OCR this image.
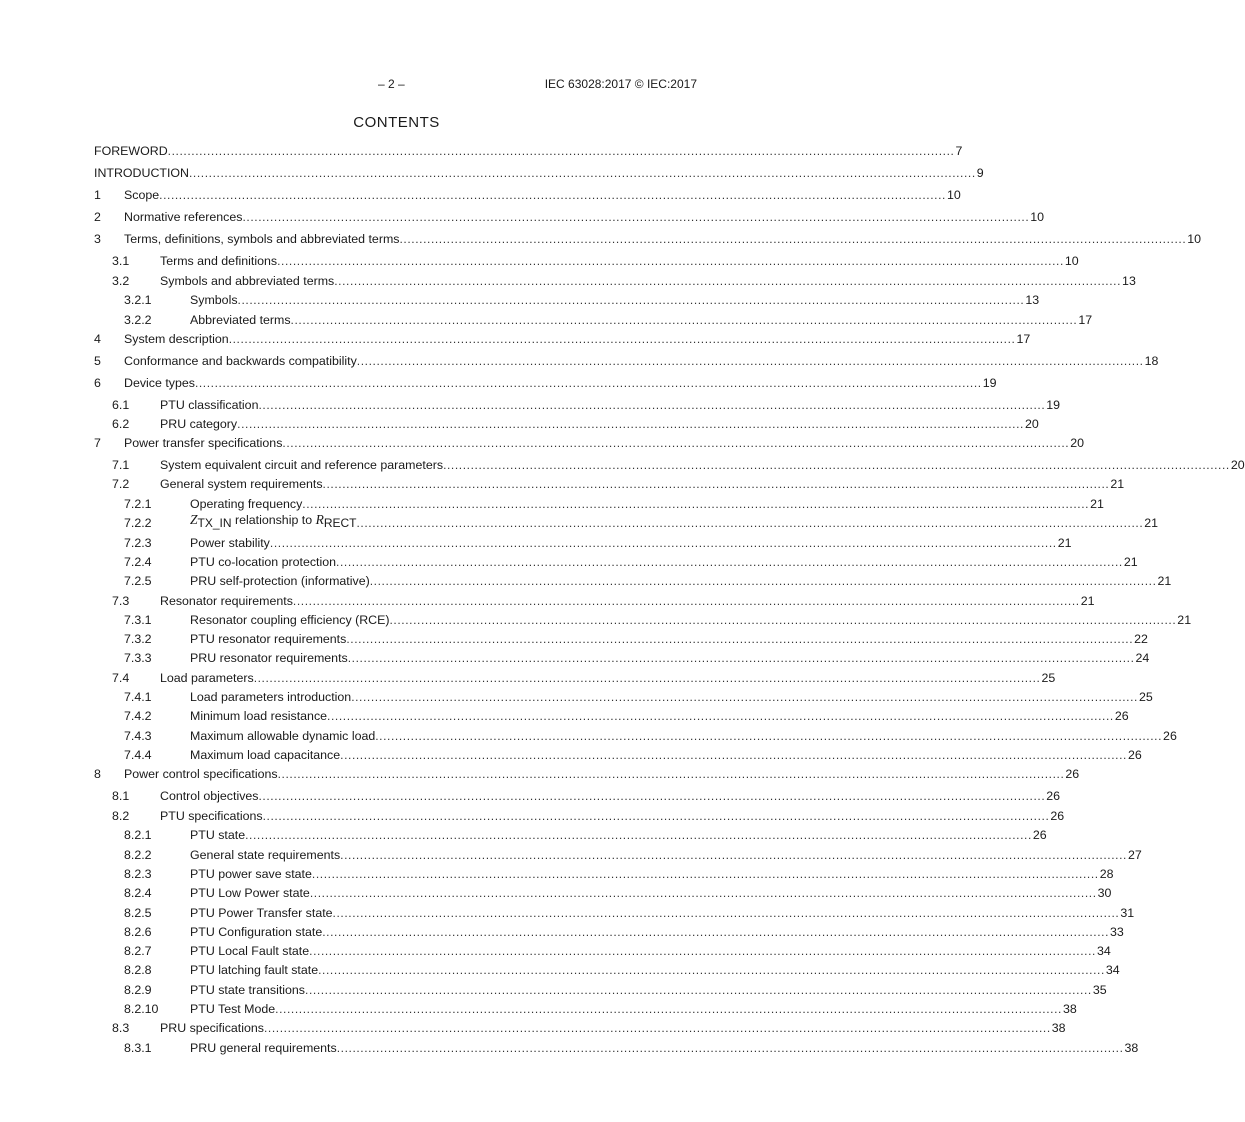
– 2 –	IEC 63028:2017 © IEC:2017
CONTENTS
FOREWORD ........................................................................................................................................................................................................ 7
INTRODUCTION ........................................................................................................................................................................................................ 9
1	Scope ........................................................................................................................................................................................................ 10
2	Normative references ........................................................................................................................................................................................................ 10
3	Terms, definitions, symbols and abbreviated terms ........................................................................................................................................................................................................ 10
3.1	Terms and definitions ........................................................................................................................................................................................................ 10
3.2	Symbols and abbreviated terms ........................................................................................................................................................................................................ 13
3.2.1	Symbols ........................................................................................................................................................................................................ 13
3.2.2	Abbreviated terms ........................................................................................................................................................................................................ 17
4	System description ........................................................................................................................................................................................................ 17
5	Conformance and backwards compatibility ........................................................................................................................................................................................................ 18
6	Device types ........................................................................................................................................................................................................ 19
6.1	PTU classification ........................................................................................................................................................................................................ 19
6.2	PRU category ........................................................................................................................................................................................................ 20
7	Power transfer specifications ........................................................................................................................................................................................................ 20
7.1	System equivalent circuit and reference parameters ........................................................................................................................................................................................................ 20
7.2	General system requirements ........................................................................................................................................................................................................ 21
7.2.1	Operating frequency ........................................................................................................................................................................................................ 21
7.2.2	$Z_{TX\_IN}$ relationship to $R_{RECT}$ ........................................................................................................................................................................................................ 21
7.2.3	Power stability ........................................................................................................................................................................................................ 21
7.2.4	PTU co-location protection ........................................................................................................................................................................................................ 21
7.2.5	PRU self-protection (informative) ........................................................................................................................................................................................................ 21
7.3	Resonator requirements ........................................................................................................................................................................................................ 21
7.3.1	Resonator coupling efficiency (RCE) ........................................................................................................................................................................................................ 21
7.3.2	PTU resonator requirements ........................................................................................................................................................................................................ 22
7.3.3	PRU resonator requirements ........................................................................................................................................................................................................ 24
7.4	Load parameters ........................................................................................................................................................................................................ 25
7.4.1	Load parameters introduction ........................................................................................................................................................................................................ 25
7.4.2	Minimum load resistance ........................................................................................................................................................................................................ 26
7.4.3	Maximum allowable dynamic load ........................................................................................................................................................................................................ 26
7.4.4	Maximum load capacitance ........................................................................................................................................................................................................ 26
8	Power control specifications ........................................................................................................................................................................................................ 26
8.1	Control objectives ........................................................................................................................................................................................................ 26
8.2	PTU specifications ........................................................................................................................................................................................................ 26
8.2.1	PTU state ........................................................................................................................................................................................................ 26
8.2.2	General state requirements ........................................................................................................................................................................................................ 27
8.2.3	PTU power save state ........................................................................................................................................................................................................ 28
8.2.4	PTU Low Power state ........................................................................................................................................................................................................ 30
8.2.5	PTU Power Transfer state ........................................................................................................................................................................................................ 31
8.2.6	PTU Configuration state ........................................................................................................................................................................................................ 33
8.2.7	PTU Local Fault state ........................................................................................................................................................................................................ 34
8.2.8	PTU latching fault state ........................................................................................................................................................................................................ 34
8.2.9	PTU state transitions ........................................................................................................................................................................................................ 35
8.2.10	PTU Test Mode ........................................................................................................................................................................................................ 38
8.3	PRU specifications ........................................................................................................................................................................................................ 38
8.3.1	PRU general requirements ........................................................................................................................................................................................................ 38
